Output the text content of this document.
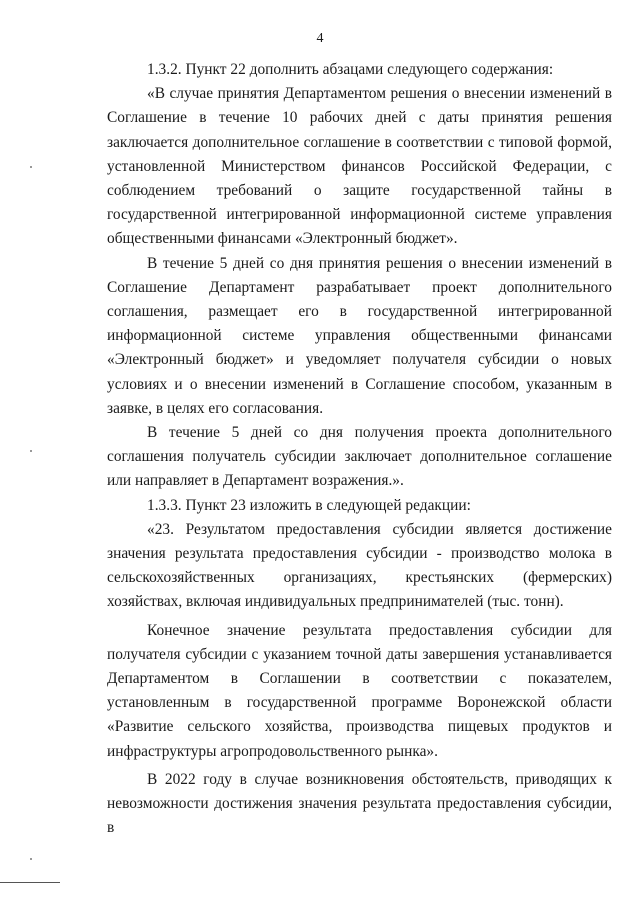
4

1.3.2. Пункт 22 дополнить абзацами следующего содержания:

«В случае принятия Департаментом решения о внесении изменений в Соглашение в течение 10 рабочих дней с даты принятия решения заключается дополнительное соглашение в соответствии с типовой формой, установленной Министерством финансов Российской Федерации, с соблюдением требований о защите государственной тайны в государственной интегрированной информационной системе управления общественными финансами «Электронный бюджет».

В течение 5 дней со дня принятия решения о внесении изменений в Соглашение Департамент разрабатывает проект дополнительного соглашения, размещает его в государственной интегрированной информационной системе управления общественными финансами «Электронный бюджет» и уведомляет получателя субсидии о новых условиях и о внесении изменений в Соглашение способом, указанным в заявке, в целях его согласования.

В течение 5 дней со дня получения проекта дополнительного соглашения получатель субсидии заключает дополнительное соглашение или направляет в Департамент возражения.».

1.3.3. Пункт 23 изложить в следующей редакции:

«23. Результатом предоставления субсидии является достижение значения результата предоставления субсидии - производство молока в сельскохозяйственных организациях, крестьянских (фермерских) хозяйствах, включая индивидуальных предпринимателей (тыс. тонн).

Конечное значение результата предоставления субсидии для получателя субсидии с указанием точной даты завершения устанавливается Департаментом в Соглашении в соответствии с показателем, установленным в государственной программе Воронежской области «Развитие сельского хозяйства, производства пищевых продуктов и инфраструктуры агропродовольственного рынка».

В 2022 году в случае возникновения обстоятельств, приводящих к невозможности достижения значения результата предоставления субсидии, в
